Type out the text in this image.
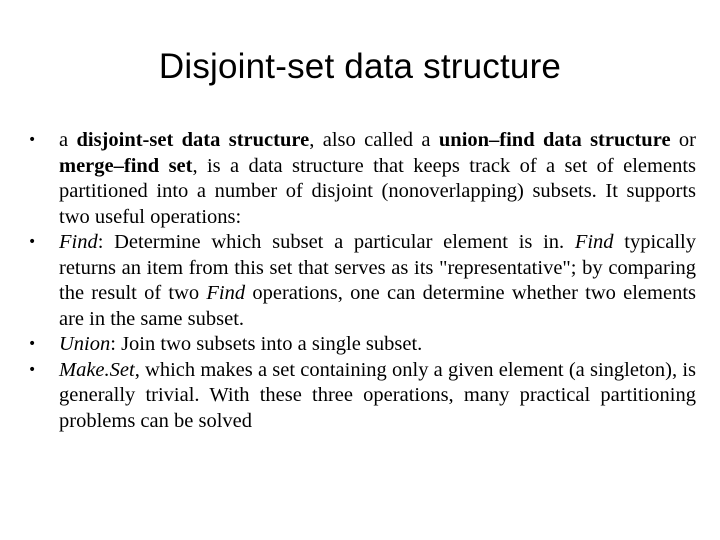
Disjoint-set data structure
•	a disjoint-set data structure, also called a union–find data structure or merge–find set, is a data structure that keeps track of a set of elements partitioned into a number of disjoint (nonoverlapping) subsets. It supports two useful operations:
•	Find: Determine which subset a particular element is in. Find typically returns an item from this set that serves as its "representative"; by comparing the result of two Find operations, one can determine whether two elements are in the same subset.
•	Union: Join two subsets into a single subset.
•	Make.Set, which makes a set containing only a given element (a singleton), is generally trivial. With these three operations, many practical partitioning problems can be solved
